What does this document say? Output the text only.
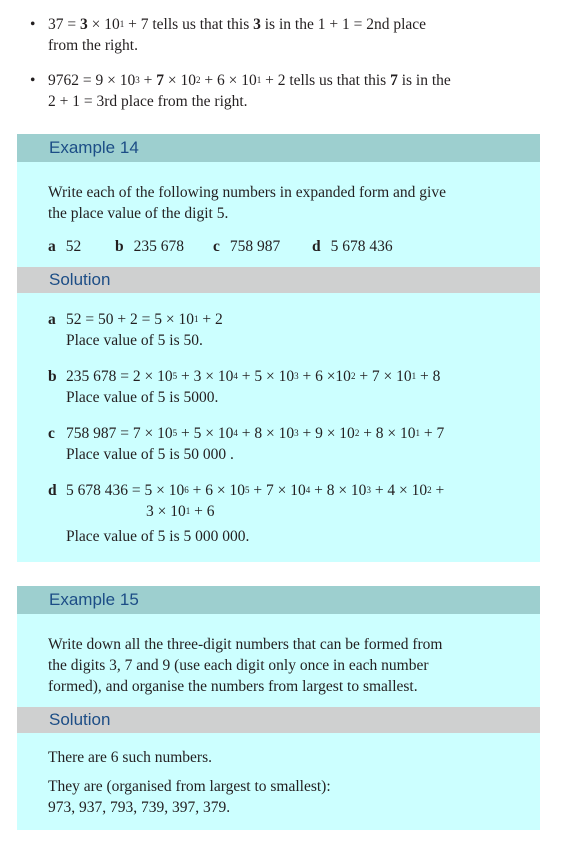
• $37 = 3 \times 10^1 + 7$ tells us that this 3 is in the 1 + 1 = 2nd place
from the right.
• $9762 = 9 \times 10^3 + 7 \times 10^2 + 6 \times 10^1 + 2$ tells us that this 7 is in the
2 + 1 = 3rd place from the right.
Example 14
Write each of the following numbers in expanded form and give
the place value of the digit 5.
a 52 b 235 678 c 758 987 d 5 678 436
Solution
a $52 = 50 + 2 = 5 \times 10^1 + 2$
Place value of 5 is 50.
b 235 $678 = 2 \times 10^5 + 3 \times 10^4 + 5 \times 10^3 + 6 \times 10^2 + 7 \times 10^1 + 8$
Place value of 5 is 5000.
c 758 $987 = 7 \times 10^5 + 5 \times 10^4 + 8 \times 10^3 + 9 \times 10^2 + 8 \times 10^1 + 7$
Place value of 5 is 50 000 .
d 5 678 $436 = 5 \times 10^6 + 6 \times 10^5 + 7 \times 10^4 + 8 \times 10^3 + 4 \times 10^2$ +
$3 \times 10^1 + 6$
Place value of 5 is 5 000 000.
Example 15
Write down all the three-digit numbers that can be formed from
the digits 3, 7 and 9 (use each digit only once in each number
formed), and organise the numbers from largest to smallest.
Solution
There are 6 such numbers.
They are (organised from largest to smallest):
973, 937, 793, 739, 397, 379.
